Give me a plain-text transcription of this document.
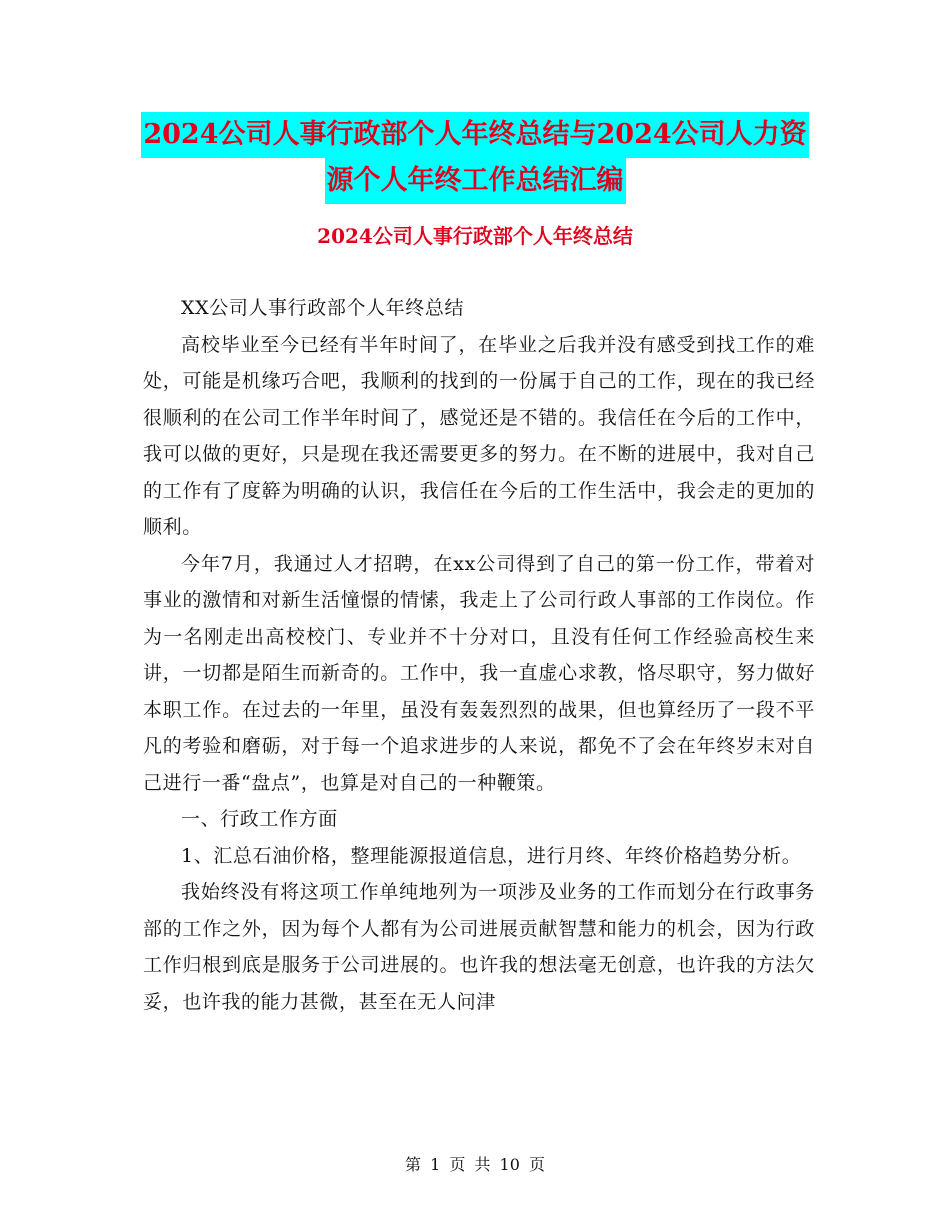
2024公司人事行政部个人年终总结与2024公司人力资
源个人年终工作总结汇编
2024公司人事行政部个人年终总结

XX公司人事行政部个人年终总结

高校毕业至今已经有半年时间了，在毕业之后我并没有感受到找工作的难处，可能是机缘巧合吧，我顺利的找到的一份属于自己的工作，现在的我已经很顺利的在公司工作半年时间了，感觉还是不错的。我信任在今后的工作中，我可以做的更好，只是现在我还需要更多的努力。在不断的进展中，我对自己的工作有了度簳为明确的认识，我信任在今后的工作生活中，我会走的更加的顺利。

今年7月，我通过人才招聘，在xx公司得到了自己的第一份工作，带着对事业的激情和对新生活憧憬的情愫，我走上了公司行政人事部的工作岗位。作为一名刚走出高校校门、专业并不十分对口，且没有任何工作经验高校生来讲，一切都是陌生而新奇的。工作中，我一直虚心求教，恪尽职守，努力做好本职工作。在过去的一年里，虽没有轰轰烈烈的战果，但也算经历了一段不平凡的考验和磨砺，对于每一个追求进步的人来说，都免不了会在年终岁末对自己进行一番“盘点”，也算是对自己的一种鞭策。

一、行政工作方面

1、汇总石油价格，整理能源报道信息，进行月终、年终价格趋势分析。

我始终没有将这项工作单纯地列为一项涉及业务的工作而划分在行政事务部的工作之外，因为每个人都有为公司进展贡献智慧和能力的机会，因为行政工作归根到底是服务于公司进展的。也许我的想法毫无创意，也许我的方法欠妥，也许我的能力甚微，甚至在无人问津

第 1 页 共 10 页
